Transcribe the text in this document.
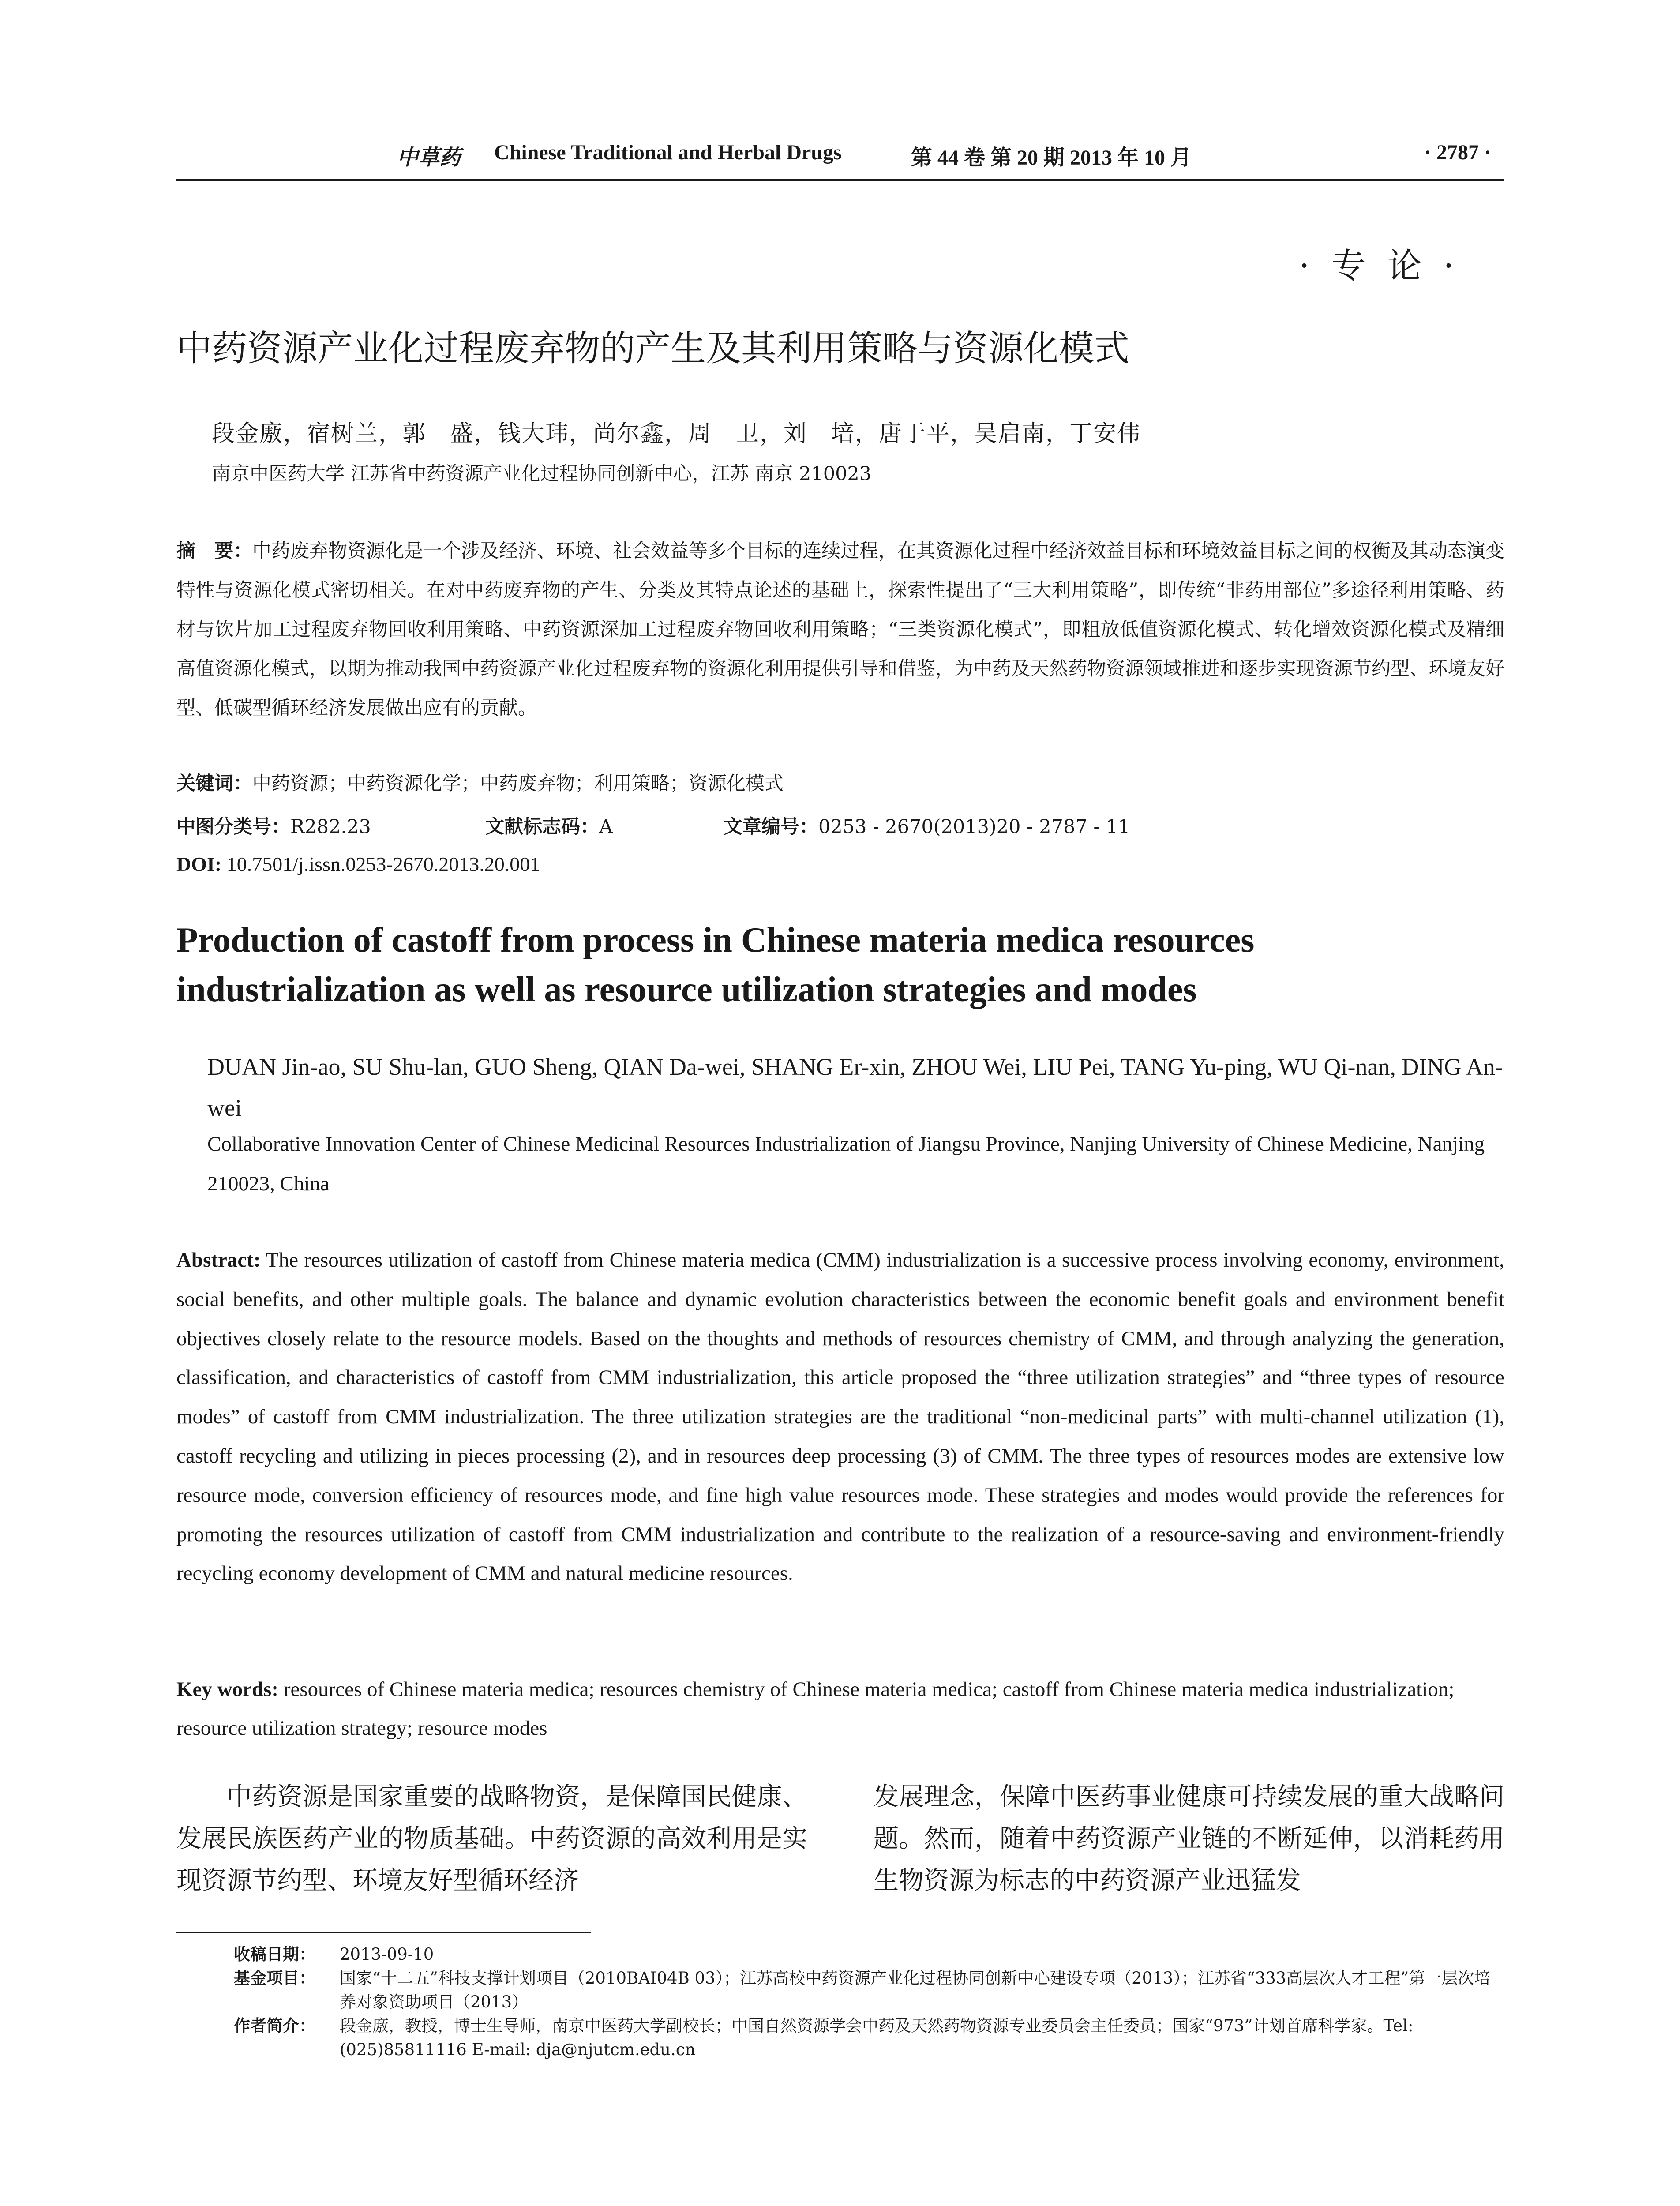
中草药 Chinese Traditional and Herbal Drugs	第 44 卷 第 20 期 2013 年 10 月	· 2787 ·
· 专 论 ·
中药资源产业化过程废弃物的产生及其利用策略与资源化模式
段金廒，宿树兰，郭　盛，钱大玮，尚尔鑫，周　卫，刘　培，唐于平，吴启南，丁安伟
南京中医药大学 江苏省中药资源产业化过程协同创新中心，江苏 南京 210023
摘　要：中药废弃物资源化是一个涉及经济、环境、社会效益等多个目标的连续过程，在其资源化过程中经济效益目标和环境效益目标之间的权衡及其动态演变特性与资源化模式密切相关。在对中药废弃物的产生、分类及其特点论述的基础上，探索性提出了“三大利用策略”，即传统“非药用部位”多途径利用策略、药材与饮片加工过程废弃物回收利用策略、中药资源深加工过程废弃物回收利用策略；“三类资源化模式”，即粗放低值资源化模式、转化增效资源化模式及精细高值资源化模式，以期为推动我国中药资源产业化过程废弃物的资源化利用提供引导和借鉴，为中药及天然药物资源领域推进和逐步实现资源节约型、环境友好型、低碳型循环经济发展做出应有的贡献。
关键词：中药资源；中药资源化学；中药废弃物；利用策略；资源化模式
中图分类号：R282.23	文献标志码：A	文章编号：0253 - 2670(2013)20 - 2787 - 11
DOI: 10.7501/j.issn.0253-2670.2013.20.001
Production of castoff from process in Chinese materia medica resources industrialization as well as resource utilization strategies and modes
DUAN Jin-ao, SU Shu-lan, GUO Sheng, QIAN Da-wei, SHANG Er-xin, ZHOU Wei, LIU Pei, TANG Yu-ping, WU Qi-nan, DING An-wei
Collaborative Innovation Center of Chinese Medicinal Resources Industrialization of Jiangsu Province, Nanjing University of Chinese Medicine, Nanjing 210023, China
Abstract: The resources utilization of castoff from Chinese materia medica (CMM) industrialization is a successive process involving economy, environment, social benefits, and other multiple goals. The balance and dynamic evolution characteristics between the economic benefit goals and environment benefit objectives closely relate to the resource models. Based on the thoughts and methods of resources chemistry of CMM, and through analyzing the generation, classification, and characteristics of castoff from CMM industrialization, this article proposed the “three utilization strategies” and “three types of resource modes” of castoff from CMM industrialization. The three utilization strategies are the traditional “non-medicinal parts” with multi-channel utilization (1), castoff recycling and utilizing in pieces processing (2), and in resources deep processing (3) of CMM. The three types of resources modes are extensive low resource mode, conversion efficiency of resources mode, and fine high value resources mode. These strategies and modes would provide the references for promoting the resources utilization of castoff from CMM industrialization and contribute to the realization of a resource-saving and environment-friendly recycling economy development of CMM and natural medicine resources.
Key words: resources of Chinese materia medica; resources chemistry of Chinese materia medica; castoff from Chinese materia medica industrialization; resource utilization strategy; resource modes
中药资源是国家重要的战略物资，是保障国民健康、发展民族医药产业的物质基础。中药资源的高效利用是实现资源节约型、环境友好型循环经济
发展理念，保障中医药事业健康可持续发展的重大战略问题。然而，随着中药资源产业链的不断延伸，以消耗药用生物资源为标志的中药资源产业迅猛发
收稿日期： 2013-09-10
基金项目： 国家“十二五”科技支撑计划项目（2010BAI04B 03）；江苏高校中药资源产业化过程协同创新中心建设专项（2013）；江苏省“333高层次人才工程”第一层次培养对象资助项目（2013）
作者简介： 段金廒，教授，博士生导师，南京中医药大学副校长；中国自然资源学会中药及天然药物资源专业委员会主任委员；国家“973”计划首席科学家。Tel: (025)85811116 E-mail: dja@njutcm.edu.cn
